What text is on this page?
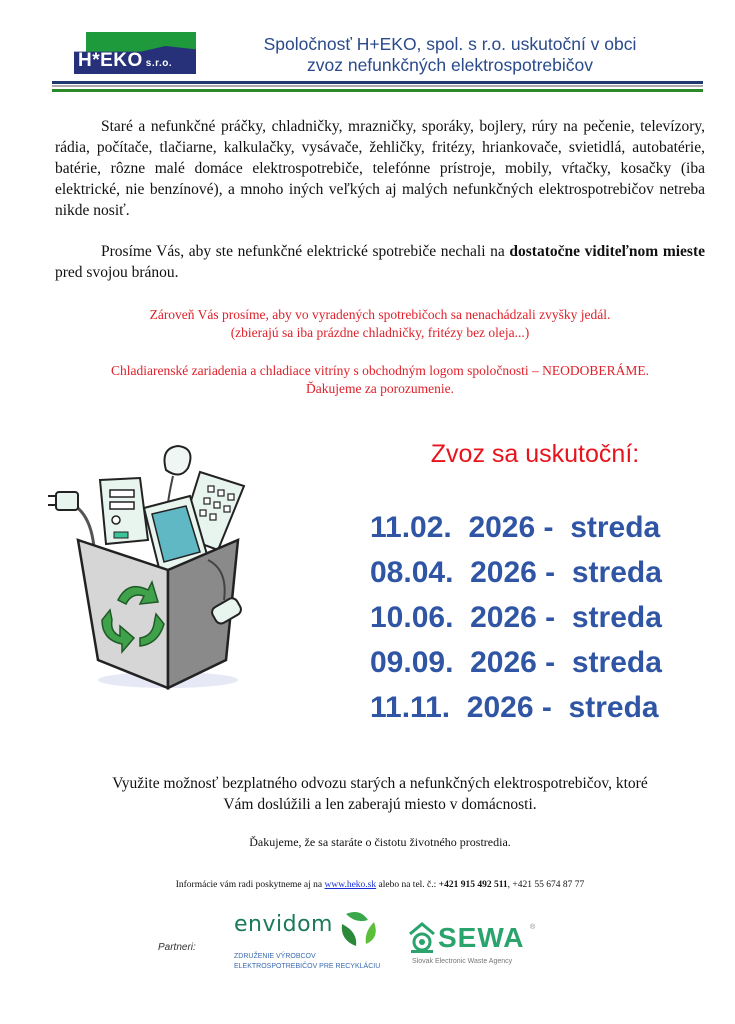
H*EKO s.r.o.
Spoločnosť H+EKO, spol. s r.o. uskutoční v obci
zvoz nefunkčných elektrospotrebičov
Staré a nefunkčné práčky, chladničky, mrazničky, sporáky, bojlery, rúry na pečenie, televízory, rádia, počítače, tlačiarne, kalkulačky, vysávače, žehličky, fritézy, hriankovače, svietidlá, autobatérie, batérie, rôzne malé domáce elektrospotrebiče, telefónne prístroje, mobily, vŕtačky, kosačky (iba elektrické, nie benzínové), a mnoho iných veľkých aj malých nefunkčných elektrospotrebičov netreba nikde nosiť.
Prosíme Vás, aby ste nefunkčné elektrické spotrebiče nechali na dostatočne viditeľnom mieste pred svojou bránou.
Zároveň Vás prosíme, aby vo vyradených spotrebičoch sa nenachádzali zvyšky jedál.
(zbierajú sa iba prázdne chladničky, fritézy bez oleja...)
Chladiarenské zariadenia a chladiace vitríny s obchodným logom spoločnosti – NEODOBERÁME.
Ďakujeme za porozumenie.
Zvoz sa uskutoční:
11.02. 2026 -  streda
08.04. 2026 -  streda
10.06. 2026 -  streda
09.09. 2026 -  streda
11.11. 2026 -  streda
Využite možnosť bezplatného odvozu starých a nefunkčných elektrospotrebičov, ktoré
Vám doslúžili a len zaberajú miesto v domácnosti.
Ďakujeme, že sa staráte o čistotu životného prostredia.
Informácie vám radi poskytneme aj na www.heko.sk alebo na tel. č.: +421 915 492 511, +421 55 674 87 77
Partneri:
envidom
ZDRUŽENIE VÝROBCOV
ELEKTROSPOTREBIČOV PRE RECYKLÁCIU
SEWA ®
Slovak Electronic Waste Agency
